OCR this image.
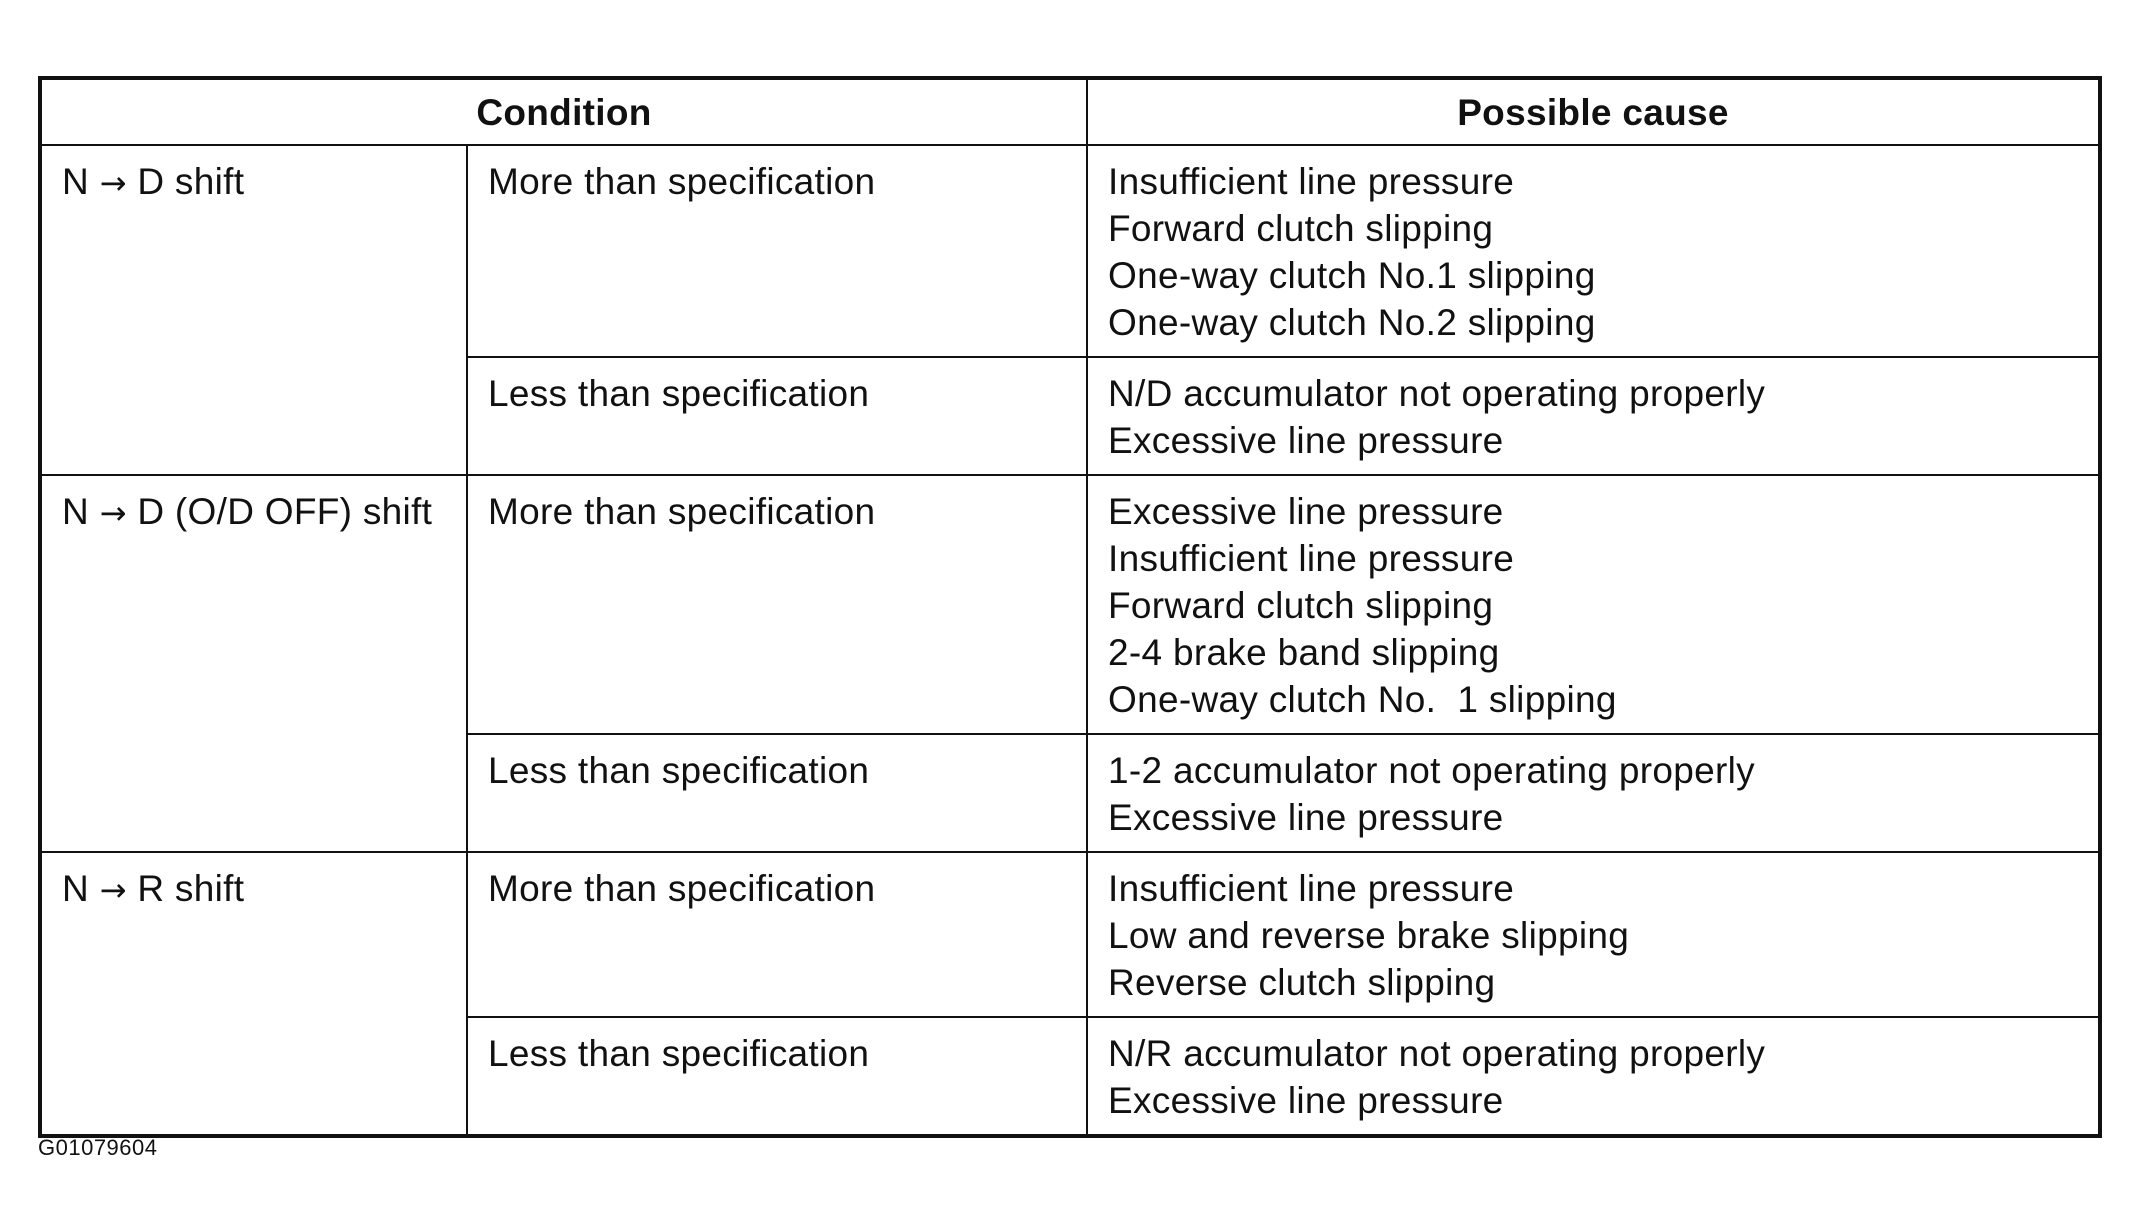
Condition		Possible cause
N → D shift	More than specification	Insufficient line pressure
Forward clutch slipping
One-way clutch No.1 slipping
One-way clutch No.2 slipping

	Less than specification	N/D accumulator not operating properly
Excessive line pressure

N → D (O/D OFF) shift	More than specification	Excessive line pressure
Insufficient line pressure
Forward clutch slipping
2-4 brake band slipping
One-way clutch No.  1 slipping

	Less than specification	1-2 accumulator not operating properly
Excessive line pressure

N → R shift	More than specification	Insufficient line pressure
Low and reverse brake slipping
Reverse clutch slipping

	Less than specification	N/R accumulator not operating properly
Excessive line pressure
G01079604
